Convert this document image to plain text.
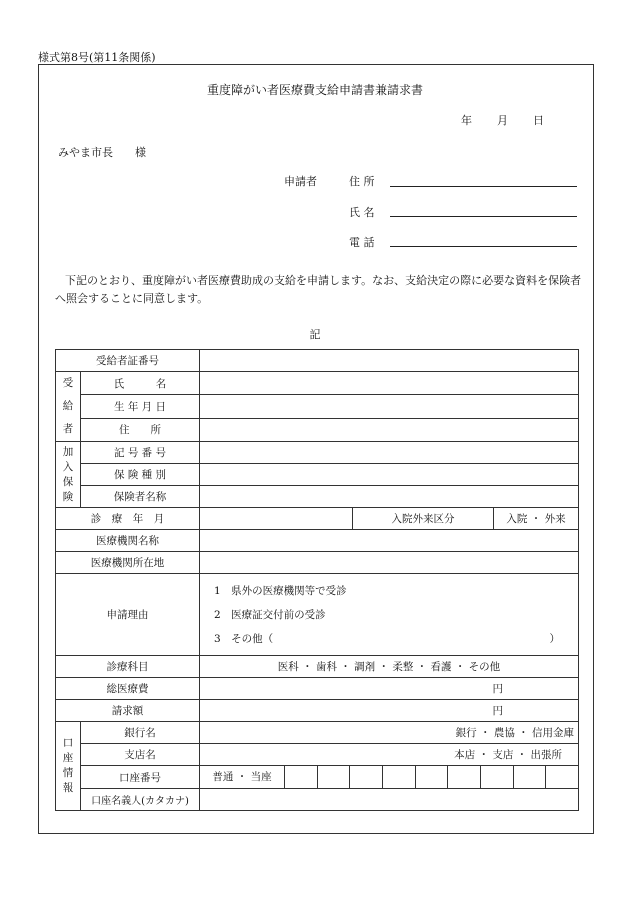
様式第8号(第11条関係)
重度障がい者医療費支給申請書兼請求書
年 月 日
みやま市長　　様
申請者	住 所
氏 名
電 話
下記のとおり、重度障がい者医療費助成の支給を申請します。なお、支給決定の際に必要な資料を保険者へ照会することに同意します。
記
受給者証番号				

受
給
者	氏　　　名			
	生 年 月 日			
	住　　所			

加
入
保
険	記 号 番 号			
	保 険 種 別			
	保険者名称			
診　療　年　月			入院外来区分	入院 ・ 外来
医療機関名称				
医療機関所在地				
申請理由		1　県外の医療機関等で受診
2　医療証交付前の受診
3　その他（ ）		

診療科目		医科 ・ 歯科 ・ 調剤 ・ 柔整 ・ 看護 ・ その他		
総医療費		円		
請求額		円		

口
座
情
報	銀行名	銀行 ・ 農協 ・ 信用金庫		
	支店名	本店 ・ 支店 ・ 出張所		
	口座番号	普通 ・ 当座		

	口座名義人(カタカナ)			
